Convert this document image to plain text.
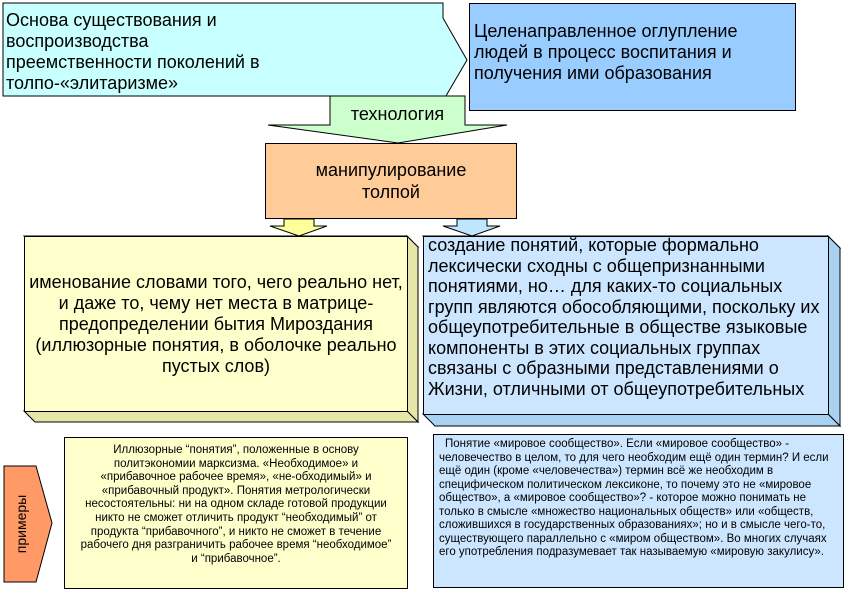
Основа существования и воспроизводства преемственности поколений в толпо-«элитаризме»

Целенаправленное оглупление людей в процесс воспитания и получения ими образования

технология

манипулирование толпой

именование словами того, чего реально нет, и даже то, чему нет места в матрице-предопределении бытия Мироздания (иллюзорные понятия, в оболочке реально пустых слов)

создание понятий, которые формально лексически сходны с общепризнанными понятиями, но… для каких-то социальных групп являются обособляющими, поскольку их общеупотребительные в обществе языковые компоненты в этих социальных группах связаны с образными представлениями о Жизни, отличными от общеупотребительных

примеры

Иллюзорные “понятия”, положенные в основу политэкономии марксизма. «Необходимое» и «прибавочное рабочее время», «не-обходимый» и «прибавочный продукт». Понятия метрологически несостоятельны: ни на одном складе готовой продукции никто не сможет отличить продукт “необходимый” от продукта “прибавочного”, и никто не сможет в течение рабочего дня разграничить рабочее время “необходимое” и “прибавочное”.

Понятие «мировое сообщество». Если «мировое сообщество» - человечество в целом, то для чего необходим ещё один термин? И если ещё один (кроме «человечества») термин всё же необходим в специфическом политическом лексиконе, то почему это не «мировое общество», а «мировое сообщество»? - которое можно понимать не только в смысле «множество национальных обществ» или «обществ, сложившихся в государственных образованиях»; но и в смысле чего-то, существующего параллельно с «миром обществом». Во многих случаях его употребления подразумевает так называемую «мировую закулису».
